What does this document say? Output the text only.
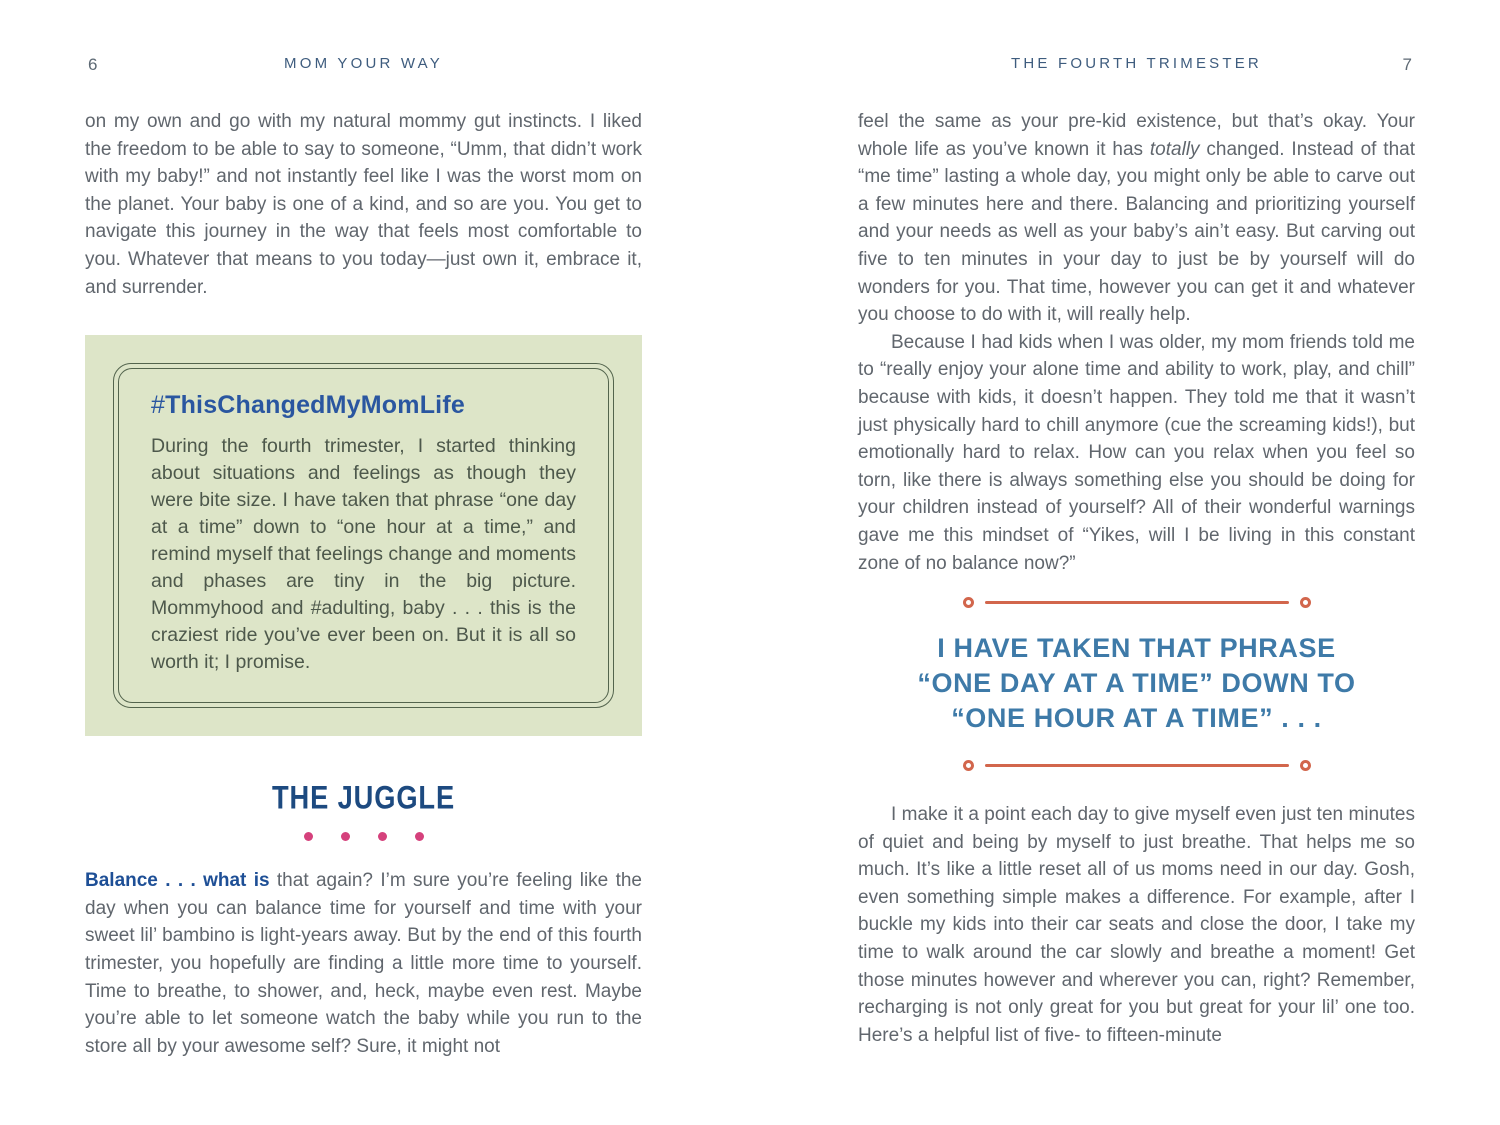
6	MOM YOUR WAY

on my own and go with my natural mommy gut instincts. I liked the freedom to be able to say to someone, “Umm, that didn’t work with my baby!” and not instantly feel like I was the worst mom on the planet. Your baby is one of a kind, and so are you. You get to navigate this journey in the way that feels most comfortable to you. Whatever that means to you today—just own it, embrace it, and surrender.

#ThisChangedMyMomLife

During the fourth trimester, I started thinking about situations and feelings as though they were bite size. I have taken that phrase “one day at a time” down to “one hour at a time,” and remind myself that feelings change and moments and phases are tiny in the big picture. Mommyhood and #adulting, baby . . . this is the craziest ride you’ve ever been on. But it is all so worth it; I promise.

THE JUGGLE

Balance . . . what is that again? I’m sure you’re feeling like the day when you can balance time for yourself and time with your sweet lil’ bambino is light-years away. But by the end of this fourth trimester, you hopefully are finding a little more time to yourself. Time to breathe, to shower, and, heck, maybe even rest. Maybe you’re able to let someone watch the baby while you run to the store all by your awesome self? Sure, it might not

THE FOURTH TRIMESTER	7

feel the same as your pre-kid existence, but that’s okay. Your whole life as you’ve known it has totally changed. Instead of that “me time” lasting a whole day, you might only be able to carve out a few minutes here and there. Balancing and prioritizing yourself and your needs as well as your baby’s ain’t easy. But carving out five to ten minutes in your day to just be by yourself will do wonders for you. That time, however you can get it and whatever you choose to do with it, will really help.

Because I had kids when I was older, my mom friends told me to “really enjoy your alone time and ability to work, play, and chill” because with kids, it doesn’t happen. They told me that it wasn’t just physically hard to chill anymore (cue the screaming kids!), but emotionally hard to relax. How can you relax when you feel so torn, like there is always something else you should be doing for your children instead of yourself? All of their wonderful warnings gave me this mindset of “Yikes, will I be living in this constant zone of no balance now?”

I HAVE TAKEN THAT PHRASE
“ONE DAY AT A TIME” DOWN TO
“ONE HOUR AT A TIME” . . .

I make it a point each day to give myself even just ten minutes of quiet and being by myself to just breathe. That helps me so much. It’s like a little reset all of us moms need in our day. Gosh, even something simple makes a difference. For example, after I buckle my kids into their car seats and close the door, I take my time to walk around the car slowly and breathe a moment! Get those minutes however and wherever you can, right? Remember, recharging is not only great for you but great for your lil’ one too. Here’s a helpful list of five- to fifteen-minute
